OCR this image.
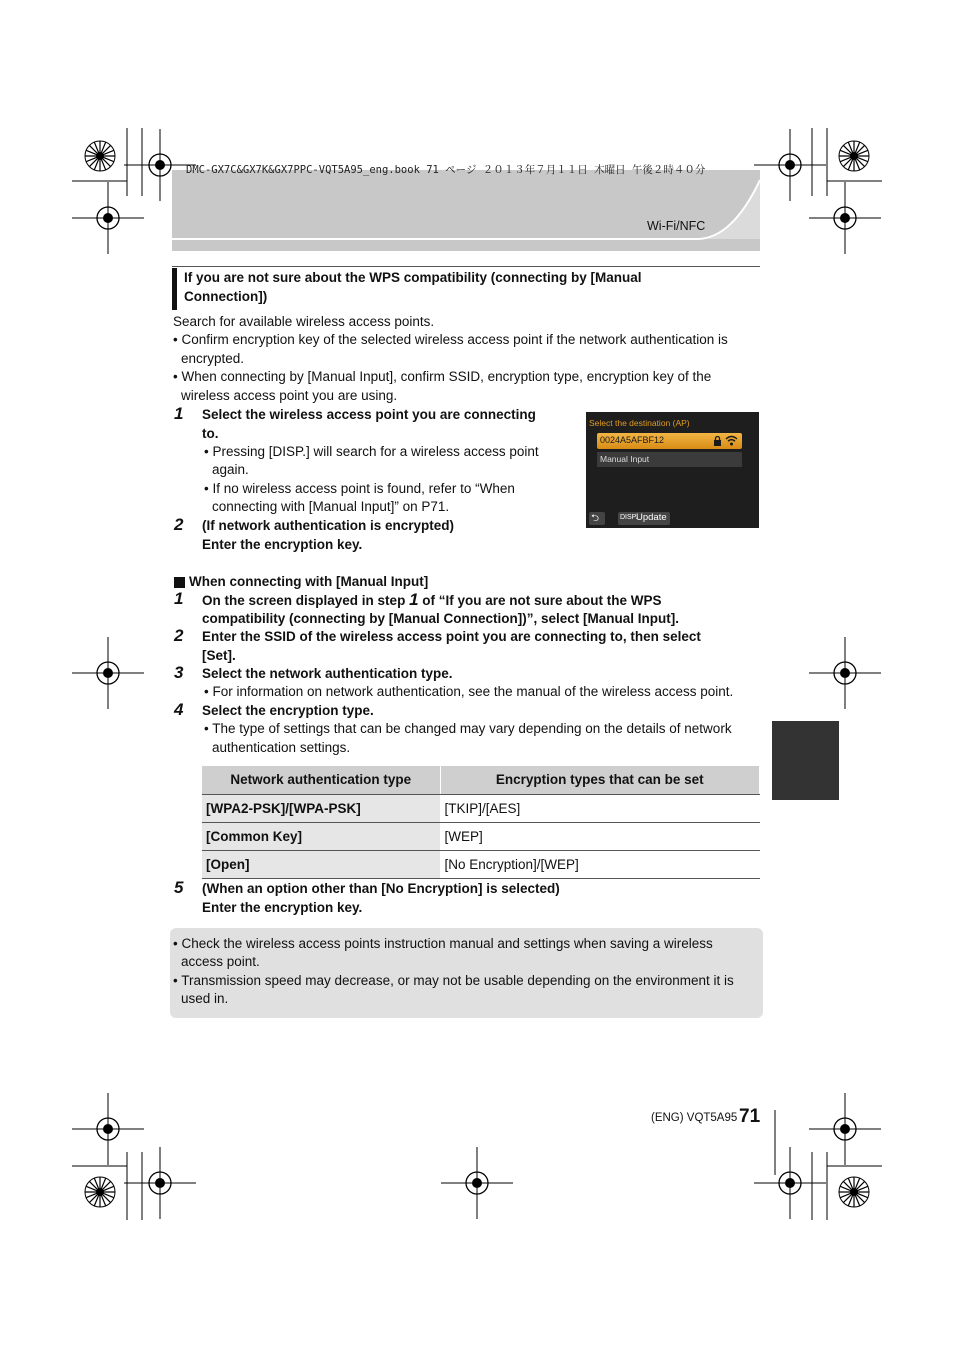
DMC-GX7C&GX7K&GX7PPC-VQT5A95_eng.book 71 ページ ２０１３年７月１１日 木曜日 午後２時４０分
Wi-Fi/NFC
If you are not sure about the WPS compatibility (connecting by [Manual
Connection])
Search for available wireless access points.
• Confirm encryption key of the selected wireless access point if the network authentication is
encrypted.
• When connecting by [Manual Input], confirm SSID, encryption type, encryption key of the
wireless access point you are using.
1 Select the wireless access point you are connecting
to.
• Pressing [DISP.] will search for a wireless access point
again.
• If no wireless access point is found, refer to “When
connecting with [Manual Input]” on P71.
Select the destination (AP)
0024A5AFBF12
Manual Input
⮌	DISP.
Update
2 (If network authentication is encrypted)
Enter the encryption key.
When connecting with [Manual Input]
1 On the screen displayed in step 1 of “If you are not sure about the WPS
compatibility (connecting by [Manual Connection])”, select [Manual Input].
2 Enter the SSID of the wireless access point you are connecting to, then select
[Set].
3 Select the network authentication type.
• For information on network authentication, see the manual of the wireless access point.
4 Select the encryption type.
• The type of settings that can be changed may vary depending on the details of network
authentication settings.
Network authentication type	Encryption types that can be set
[WPA2-PSK]/[WPA-PSK]	[TKIP]/[AES]
[Common Key]	[WEP]
[Open]	[No Encryption]/[WEP]
5 (When an option other than [No Encryption] is selected)
Enter the encryption key.
• Check the wireless access points instruction manual and settings when saving a wireless
access point.
• Transmission speed may decrease, or may not be usable depending on the environment it is
used in.
(ENG) VQT5A95 71
